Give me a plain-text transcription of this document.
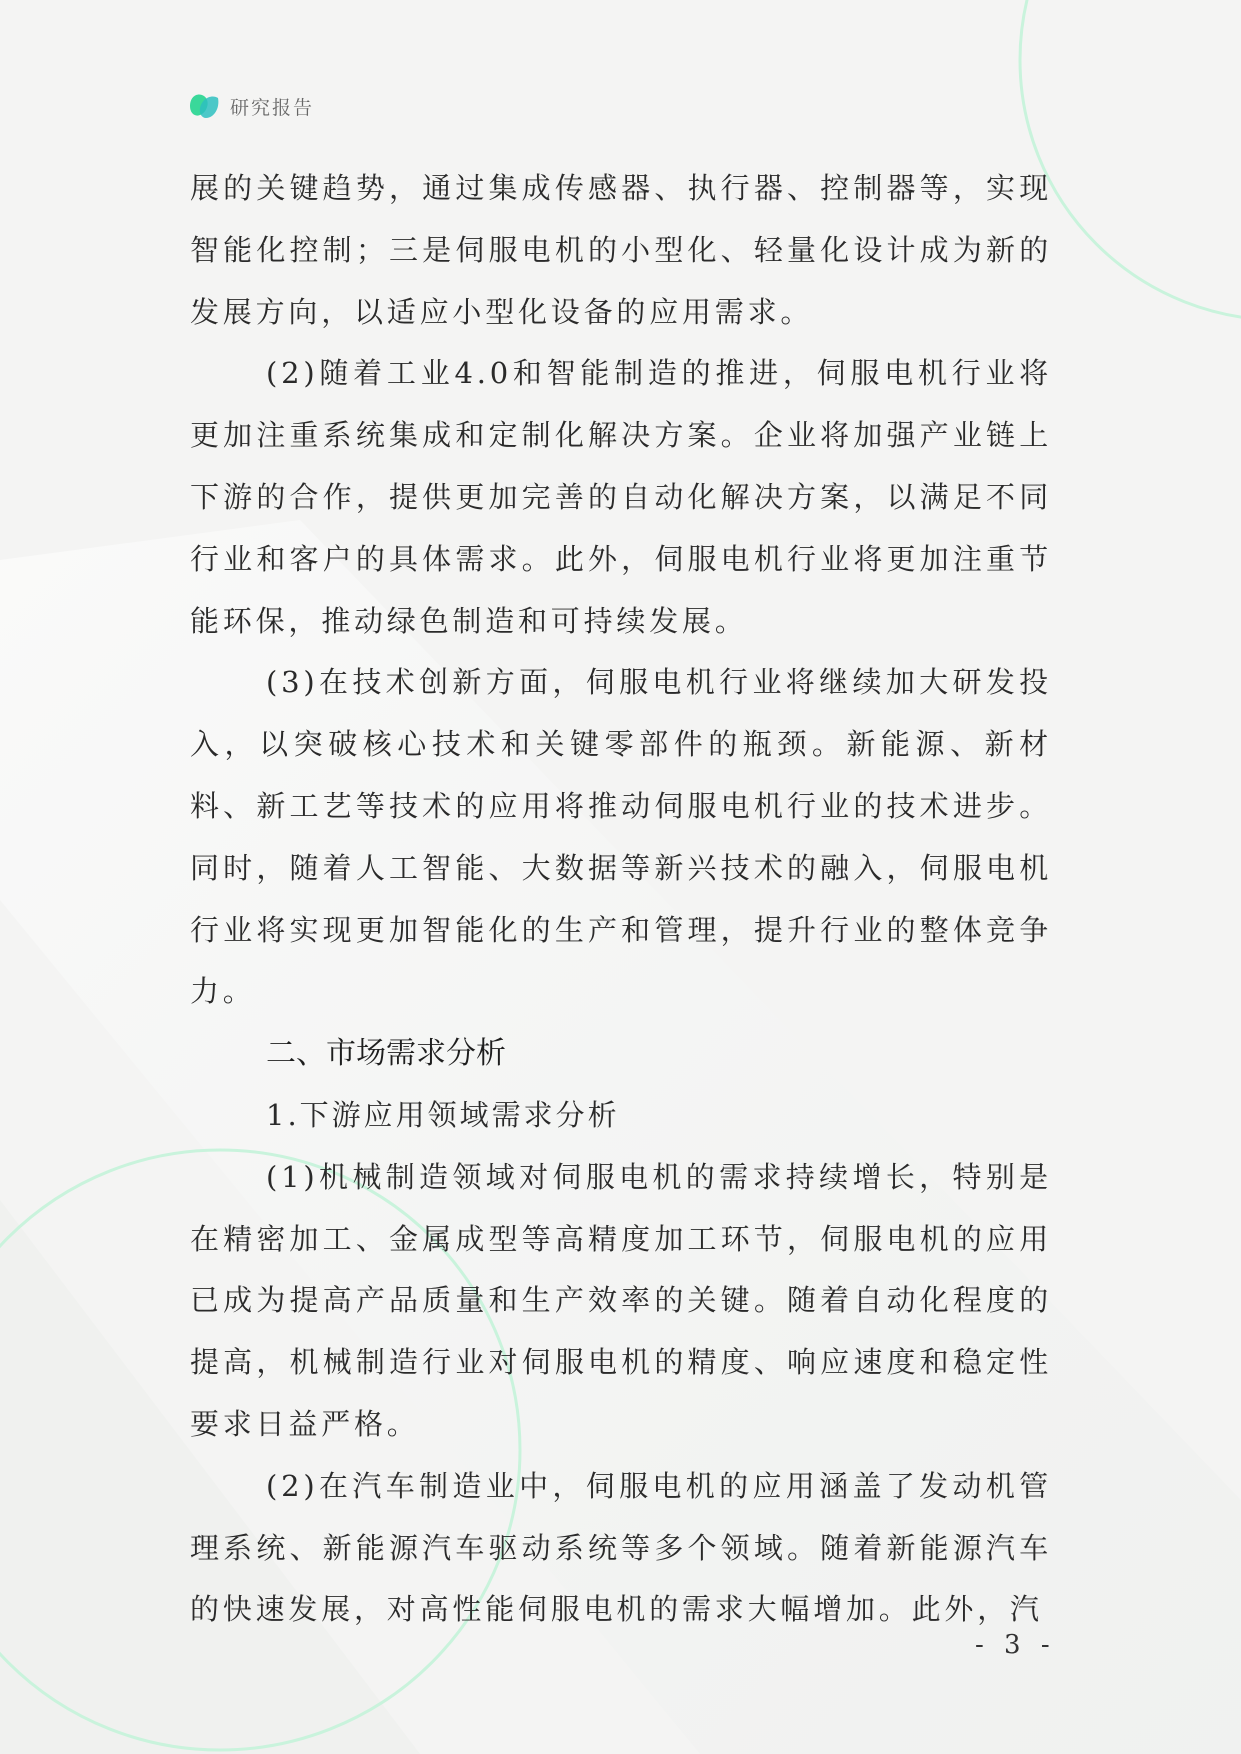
研究报告

展的关键趋势，通过集成传感器、执行器、控制器等，实现智能化控制；三是伺服电机的小型化、轻量化设计成为新的发展方向，以适应小型化设备的应用需求。

(2)随着工业4.0和智能制造的推进，伺服电机行业将更加注重系统集成和定制化解决方案。企业将加强产业链上下游的合作，提供更加完善的自动化解决方案，以满足不同行业和客户的具体需求。此外，伺服电机行业将更加注重节能环保，推动绿色制造和可持续发展。

(3)在技术创新方面，伺服电机行业将继续加大研发投入，以突破核心技术和关键零部件的瓶颈。新能源、新材料、新工艺等技术的应用将推动伺服电机行业的技术进步。同时，随着人工智能、大数据等新兴技术的融入，伺服电机行业将实现更加智能化的生产和管理，提升行业的整体竞争力。

二、市场需求分析

1.下游应用领域需求分析

(1)机械制造领域对伺服电机的需求持续增长，特别是在精密加工、金属成型等高精度加工环节，伺服电机的应用已成为提高产品质量和生产效率的关键。随着自动化程度的提高，机械制造行业对伺服电机的精度、响应速度和稳定性要求日益严格。

(2)在汽车制造业中，伺服电机的应用涵盖了发动机管理系统、新能源汽车驱动系统等多个领域。随着新能源汽车的快速发展，对高性能伺服电机的需求大幅增加。此外，汽

- 3 -
